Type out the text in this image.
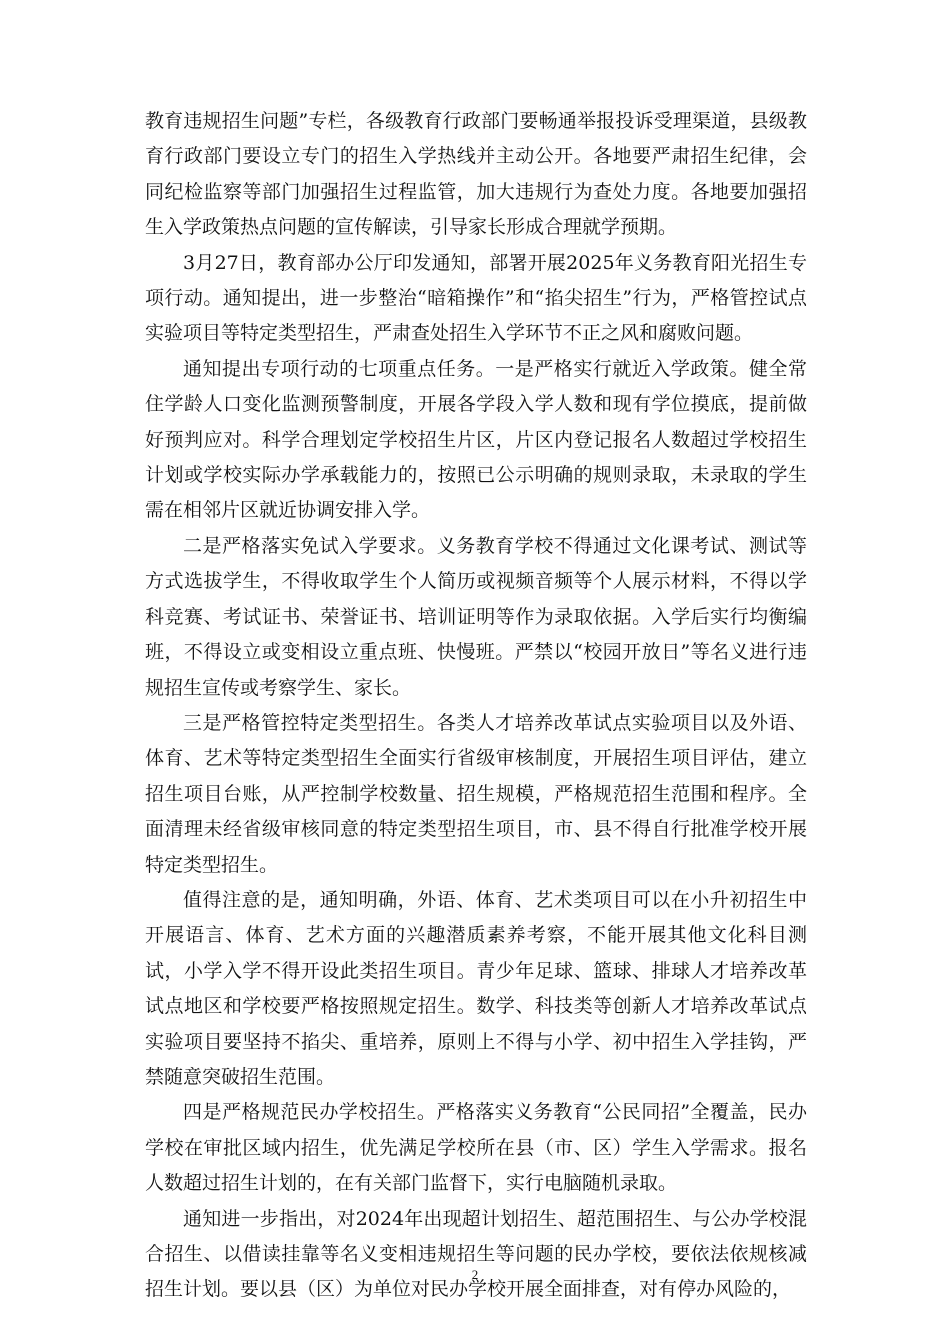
教育违规招生问题”专栏，各级教育行政部门要畅通举报投诉受理渠道，县级教育行政部门要设立专门的招生入学热线并主动公开。各地要严肃招生纪律，会同纪检监察等部门加强招生过程监管，加大违规行为查处力度。各地要加强招生入学政策热点问题的宣传解读，引导家长形成合理就学预期。

3月27日，教育部办公厅印发通知，部署开展2025年义务教育阳光招生专项行动。通知提出，进一步整治“暗箱操作”和“掐尖招生”行为，严格管控试点实验项目等特定类型招生，严肃查处招生入学环节不正之风和腐败问题。

通知提出专项行动的七项重点任务。一是严格实行就近入学政策。健全常住学龄人口变化监测预警制度，开展各学段入学人数和现有学位摸底，提前做好预判应对。科学合理划定学校招生片区，片区内登记报名人数超过学校招生计划或学校实际办学承载能力的，按照已公示明确的规则录取，未录取的学生需在相邻片区就近协调安排入学。

二是严格落实免试入学要求。义务教育学校不得通过文化课考试、测试等方式选拔学生，不得收取学生个人简历或视频音频等个人展示材料，不得以学科竞赛、考试证书、荣誉证书、培训证明等作为录取依据。入学后实行均衡编班，不得设立或变相设立重点班、快慢班。严禁以“校园开放日”等名义进行违规招生宣传或考察学生、家长。

三是严格管控特定类型招生。各类人才培养改革试点实验项目以及外语、体育、艺术等特定类型招生全面实行省级审核制度，开展招生项目评估，建立招生项目台账，从严控制学校数量、招生规模，严格规范招生范围和程序。全面清理未经省级审核同意的特定类型招生项目，市、县不得自行批准学校开展特定类型招生。

值得注意的是，通知明确，外语、体育、艺术类项目可以在小升初招生中开展语言、体育、艺术方面的兴趣潜质素养考察，不能开展其他文化科目测试，小学入学不得开设此类招生项目。青少年足球、篮球、排球人才培养改革试点地区和学校要严格按照规定招生。数学、科技类等创新人才培养改革试点实验项目要坚持不掐尖、重培养，原则上不得与小学、初中招生入学挂钩，严禁随意突破招生范围。

四是严格规范民办学校招生。严格落实义务教育“公民同招”全覆盖，民办学校在审批区域内招生，优先满足学校所在县（市、区）学生入学需求。报名人数超过招生计划的，在有关部门监督下，实行电脑随机录取。

通知进一步指出，对2024年出现超计划招生、超范围招生、与公办学校混合招生、以借读挂靠等名义变相违规招生等问题的民办学校，要依法依规核减招生计划。要以县（区）为单位对民办学校开展全面排查，对有停办风险的，

2
